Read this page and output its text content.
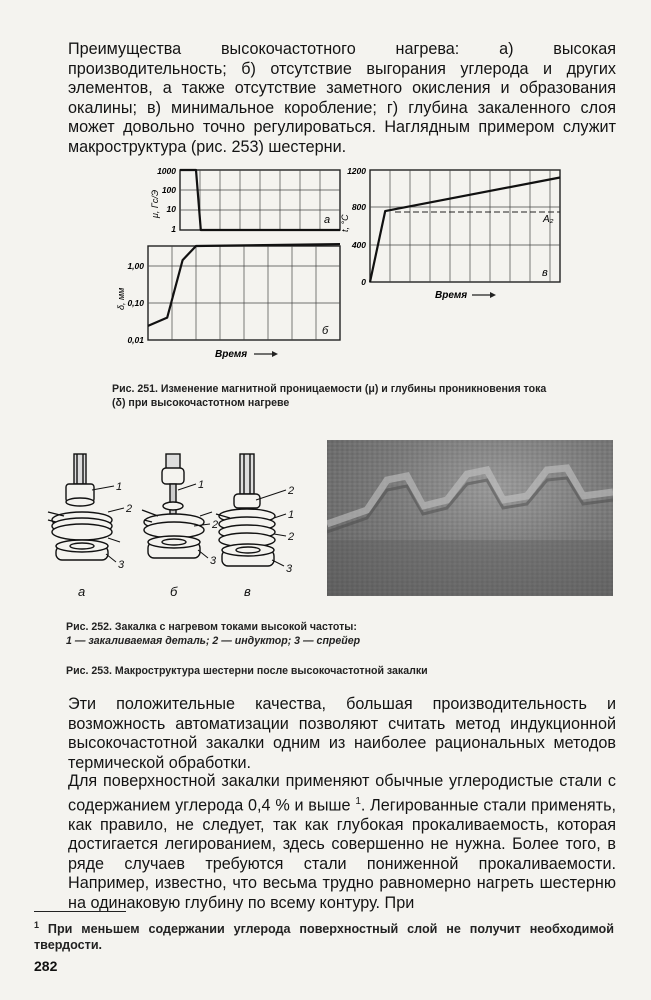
Преимущества высокочастотного нагрева: а) высокая производительность; б) отсутствие выгорания углерода и других элементов, а также отсутствие заметного окисления и образования окалины; в) минимальное коробление; г) глубина закаленного слоя может довольно точно регулироваться. Наглядным примером служит макроструктура (рис. 253) шестерни.

1000
100
10
1
μ, Гс/Э
а
1,00
0,10
0,01
δ, мм
б
Время
1200
800
400
0
t, °C
в
A₂
Время
Рис. 251. Изменение магнитной проницаемости (μ) и глубины проникновения тока (δ) при высокочастотном нагреве
1
2
3
1
2
3
2
1
2
3
а	б	в
Рис. 252. Закалка с нагревом токами высокой частоты:
1 — закаливаемая деталь; 2 — индуктор; 3 — спрейер
Рис. 253. Макроструктура шестерни после высокочастотной закалки

Эти положительные качества, большая производительность и возможность автоматизации позволяют считать метод индукционной высокочастотной закалки одним из наиболее рациональных методов термической обработки.

Для поверхностной закалки применяют обычные углеродистые стали с содержанием углерода 0,4 % и выше $^1$. Легированные стали применять, как правило, не следует, так как глубокая прокаливаемость, которая достигается легированием, здесь совершенно не нужна. Более того, в ряде случаев требуются стали пониженной прокаливаемости. Например, известно, что весьма трудно равномерно нагреть шестерню на одинаковую глубину по всему контуру. При

$^1$ При меньшем содержании углерода поверхностный слой не получит необходимой твердости.
282
